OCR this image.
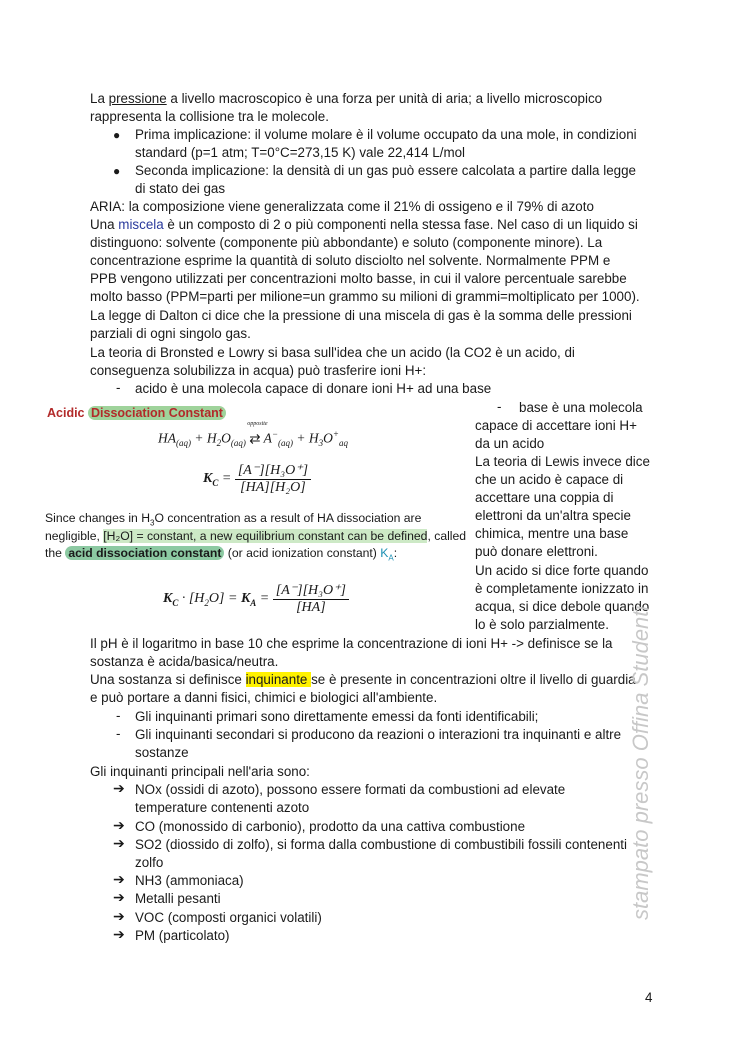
La pressione a livello macroscopico è una forza per unità di aria; a livello microscopico
rappresenta la collisione tra le molecole.
● Prima implicazione: il volume molare è il volume occupato da una mole, in condizioni
standard (p=1 atm; T=0°C=273,15 K) vale 22,414 L/mol
● Seconda implicazione: la densità di un gas può essere calcolata a partire dalla legge
di stato dei gas
ARIA: la composizione viene generalizzata come il 21% di ossigeno e il 79% di azoto
Una miscela è un composto di 2 o più componenti nella stessa fase. Nel caso di un liquido si
distinguono: solvente (componente più abbondante) e soluto (componente minore). La
concentrazione esprime la quantità di soluto disciolto nel solvente. Normalmente PPM e
PPB vengono utilizzati per concentrazioni molto basse, in cui il valore percentuale sarebbe
molto basso (PPM=parti per milione=un grammo su milioni di grammi=moltiplicato per 1000).
La legge di Dalton ci dice che la pressione di una miscela di gas è la somma delle pressioni
parziali di ogni singolo gas.
La teoria di Bronsted e Lowry si basa sull'idea che un acido (la CO2 è un acido, di
conseguenza solubilizza in acqua) può trasferire ioni H+:
- acido è una molecola capace di donare ioni H+ ad una base
- base è una molecola
capace di accettare ioni H+
da un acido
La teoria di Lewis invece dice
che un acido è capace di
accettare una coppia di
elettroni da un'altra specie
chimica, mentre una base
può donare elettroni.
Un acido si dice forte quando
è completamente ionizzato in
acqua, si dice debole quando
lo è solo parzialmente.
Acidic Dissociation Constant
$HA_{(aq)} + H_2O_{(aq)}$ ⇄
opposite
$A^-_{(aq)} + H_3O^+_{aq}$
$K_C = \frac{\text{[A⁻][H₃O⁺]}}{\text{[HA][H₂O]}}$
Since changes in $H_3O$ concentration as a result of HA dissociation are
negligible, [H₂O] = constant, a new equilibrium constant can be defined, called
the acid dissociation constant (or acid ionization constant) $K_A$:
$K_C \cdot [H_2O] = K_A = \frac{\text{[A⁻][H₃O⁺]}}{[HA]}$
Il pH è il logaritmo in base 10 che esprime la concentrazione di ioni H+ -> definisce se la
sostanza è acida/basica/neutra.
Una sostanza si definisce inquinante se è presente in concentrazioni oltre il livello di guardia
e può portare a danni fisici, chimici e biologici all'ambiente.
- Gli inquinanti primari sono direttamente emessi da fonti identificabili;
- Gli inquinanti secondari si producono da reazioni o interazioni tra inquinanti e altre
sostanze
Gli inquinanti principali nell'aria sono:
➔ NOx (ossidi di azoto), possono essere formati da combustioni ad elevate
temperature contenenti azoto
➔ CO (monossido di carbonio), prodotto da una cattiva combustione
➔ SO2 (diossido di zolfo), si forma dalla combustione di combustibili fossili contenenti
zolfo
➔ NH3 (ammoniaca)
➔ Metalli pesanti
➔ VOC (composti organici volatili)
➔ PM (particolato)
stampato presso Offina Studenti
4
